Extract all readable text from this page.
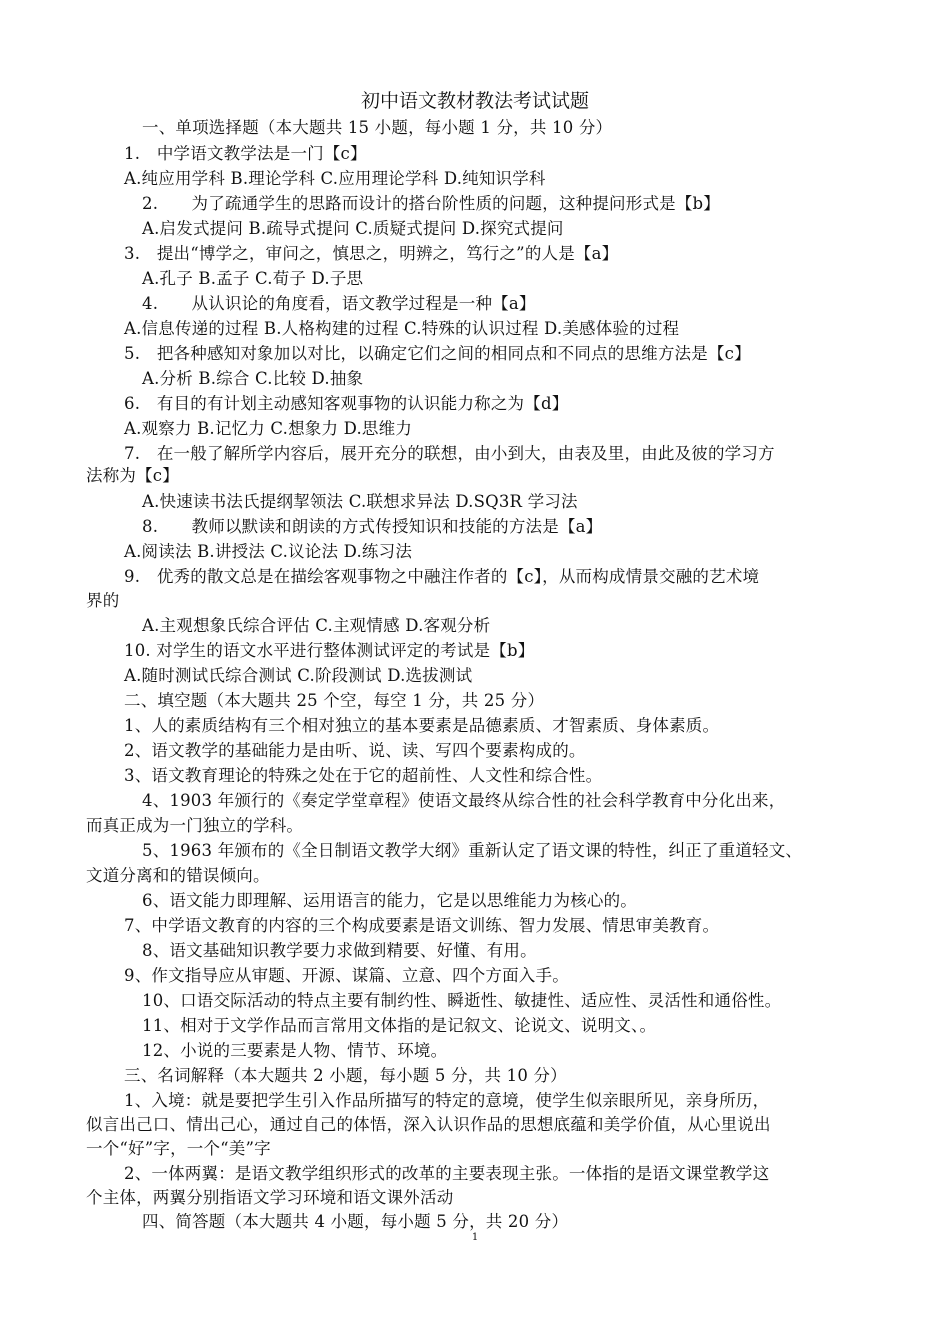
初中语文教材教法考试试题
一、单项选择题（本大题共 15 小题，每小题 1 分，共 10 分）
1.　中学语文教学法是一门【c】
A.纯应用学科 B.理论学科 C.应用理论学科 D.纯知识学科
2.　　为了疏通学生的思路而设计的搭台阶性质的问题，这种提问形式是【b】
A.启发式提问 B.疏导式提问 C.质疑式提问 D.探究式提问
3.　提出“博学之，审问之，慎思之，明辨之，笃行之”的人是【a】
A.孔子 B.孟子 C.荀子 D.子思
4.　　从认识论的角度看，语文教学过程是一种【a】
A.信息传递的过程 B.人格构建的过程 C.特殊的认识过程 D.美感体验的过程
5.　把各种感知对象加以对比，以确定它们之间的相同点和不同点的思维方法是【c】
A.分析 B.综合 C.比较 D.抽象
6.　有目的有计划主动感知客观事物的认识能力称之为【d】
A.观察力 B.记忆力 C.想象力 D.思维力
7.　在一般了解所学内容后，展开充分的联想，由小到大，由表及里，由此及彼的学习方
法称为【c】
A.快速读书法氏提纲挈领法 C.联想求异法 D.SQ3R 学习法
8.　　教师以默读和朗读的方式传授知识和技能的方法是【a】
A.阅读法 B.讲授法 C.议论法 D.练习法
9.　优秀的散文总是在描绘客观事物之中融注作者的【c】，从而构成情景交融的艺术境
界的
A.主观想象氏综合评估 C.主观情感 D.客观分析
10. 对学生的语文水平进行整体测试评定的考试是【b】
A.随时测试氏综合测试 C.阶段测试 D.选拔测试
二、填空题（本大题共 25 个空，每空 1 分，共 25 分）
1、人的素质结构有三个相对独立的基本要素是品德素质、才智素质、身体素质。
2、语文教学的基础能力是由听、说、读、写四个要素构成的。
3、语文教育理论的特殊之处在于它的超前性、人文性和综合性。
4、1903 年颁行的《奏定学堂章程》使语文最终从综合性的社会科学教育中分化出来，
而真正成为一门独立的学科。
5、1963 年颁布的《全日制语文教学大纲》重新认定了语文课的特性，纠正了重道轻文、
文道分离和的错误倾向。
6、语文能力即理解、运用语言的能力，它是以思维能力为核心的。
7、中学语文教育的内容的三个构成要素是语文训练、智力发展、情思审美教育。
8、语文基础知识教学要力求做到精要、好懂、有用。
9、作文指导应从审题、开源、谋篇、立意、四个方面入手。
10、口语交际活动的特点主要有制约性、瞬逝性、敏捷性、适应性、灵活性和通俗性。
11、相对于文学作品而言常用文体指的是记叙文、论说文、说明文、。
12、小说的三要素是人物、情节、环境。
三、名词解释（本大题共 2 小题，每小题 5 分，共 10 分）
1、入境：就是要把学生引入作品所描写的特定的意境，使学生似亲眼所见，亲身所历，
似言出己口、情出己心，通过自己的体悟，深入认识作品的思想底蕴和美学价值，从心里说出
一个“好”字，一个“美”字
2、一体两翼：是语文教学组织形式的改革的主要表现主张。一体指的是语文课堂教学这
个主体，两翼分别指语文学习环境和语文课外活动
四、简答题（本大题共 4 小题，每小题 5 分，共 20 分）
1
